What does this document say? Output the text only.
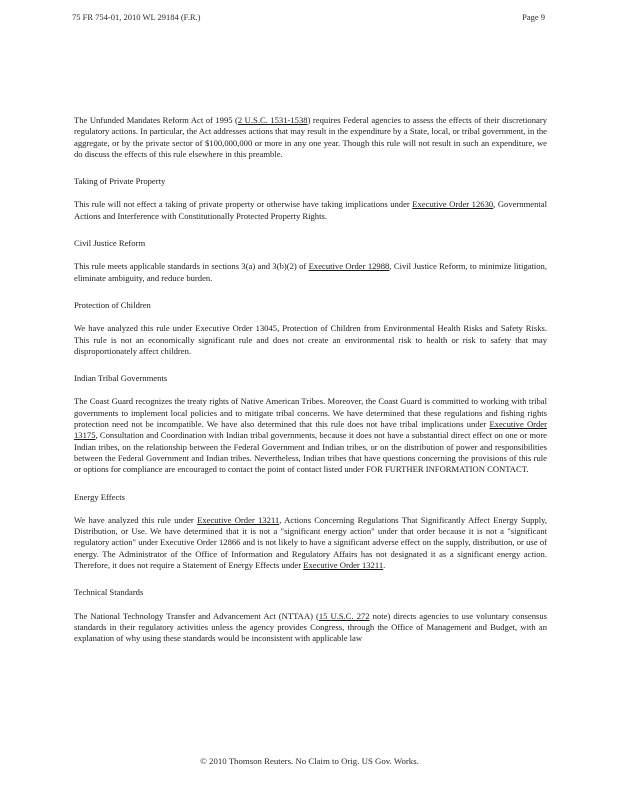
75 FR 754-01, 2010 WL 29184 (F.R.)	Page 9

The Unfunded Mandates Reform Act of 1995 (2 U.S.C. 1531-1538) requires Federal agencies to assess the effects of their discretionary regulatory actions. In particular, the Act addresses actions that may result in the expenditure by a State, local, or tribal government, in the aggregate, or by the private sector of $100,000,000 or more in any one year. Though this rule will not result in such an expenditure, we do discuss the effects of this rule elsewhere in this preamble.

Taking of Private Property

This rule will not effect a taking of private property or otherwise have taking implications under Executive Order 12630, Governmental Actions and Interference with Constitutionally Protected Property Rights.

Civil Justice Reform

This rule meets applicable standards in sections 3(a) and 3(b)(2) of Executive Order 12988, Civil Justice Reform, to minimize litigation, eliminate ambiguity, and reduce burden.

Protection of Children

We have analyzed this rule under Executive Order 13045, Protection of Children from Environmental Health Risks and Safety Risks. This rule is not an economically significant rule and does not create an environmental risk to health or risk to safety that may disproportionately affect children.

Indian Tribal Governments

The Coast Guard recognizes the treaty rights of Native American Tribes. Moreover, the Coast Guard is committed to working with tribal governments to implement local policies and to mitigate tribal concerns. We have determined that these regulations and fishing rights protection need not be incompatible. We have also determined that this rule does not have tribal implications under Executive Order 13175, Consultation and Coordination with Indian tribal governments, because it does not have a substantial direct effect on one or more Indian tribes, on the relationship between the Federal Government and Indian tribes, or on the distribution of power and responsibilities between the Federal Government and Indian tribes. Nevertheless, Indian tribes that have questions concerning the provisions of this rule or options for compliance are encouraged to contact the point of contact listed under FOR FURTHER INFORMATION CONTACT.

Energy Effects

We have analyzed this rule under Executive Order 13211, Actions Concerning Regulations That Significantly Affect Energy Supply, Distribution, or Use. We have determined that it is not a "significant energy action" under that order because it is not a "significant regulatory action" under Executive Order 12866 and is not likely to have a significant adverse effect on the supply, distribution, or use of energy. The Administrator of the Office of Information and Regulatory Affairs has not designated it as a significant energy action. Therefore, it does not require a Statement of Energy Effects under Executive Order 13211.

Technical Standards

The National Technology Transfer and Advancement Act (NTTAA) (15 U.S.C. 272 note) directs agencies to use voluntary consensus standards in their regulatory activities unless the agency provides Congress, through the Office of Management and Budget, with an explanation of why using these standards would be inconsistent with applicable law

© 2010 Thomson Reuters. No Claim to Orig. US Gov. Works.
